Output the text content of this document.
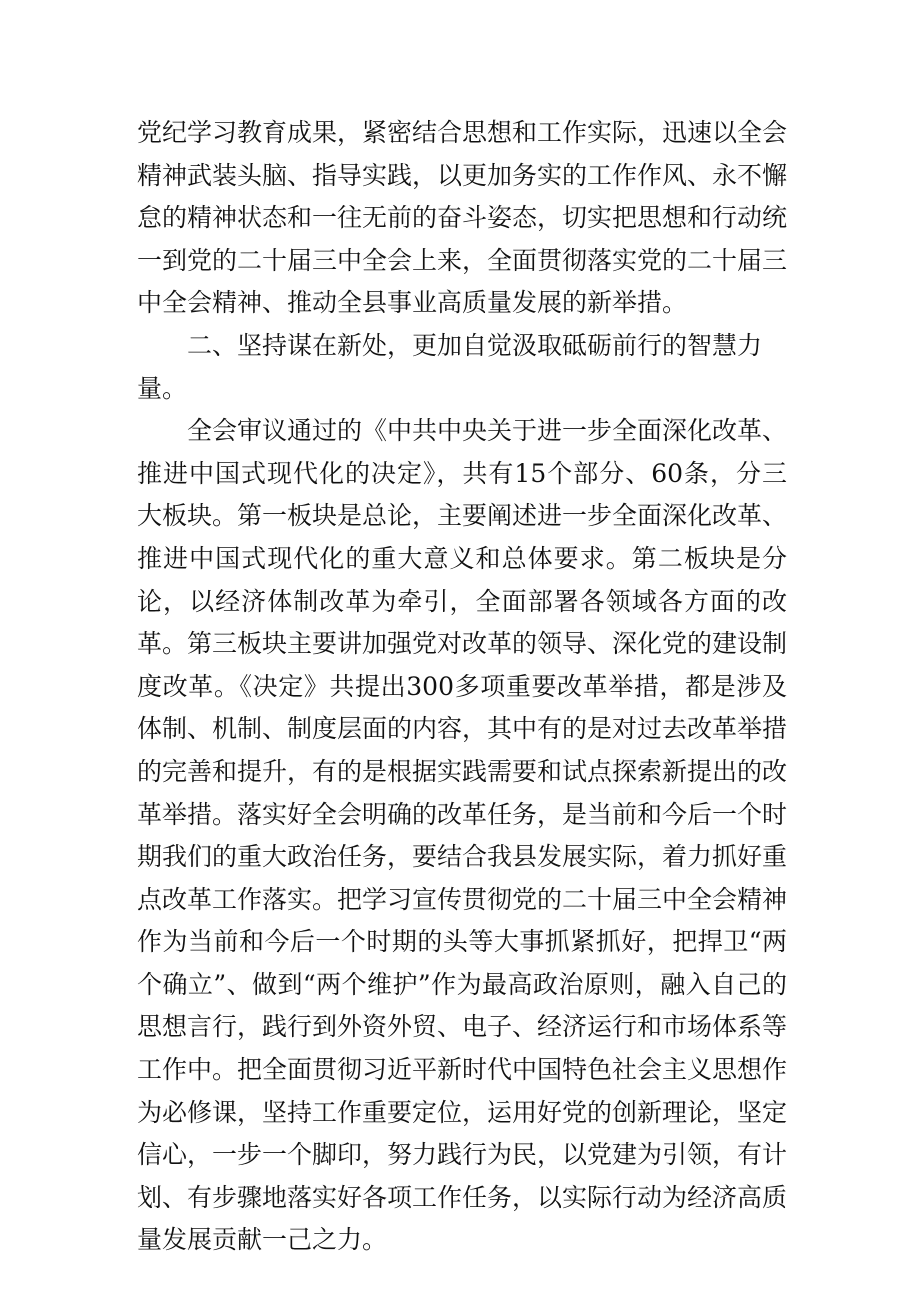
党纪学习教育成果，紧密结合思想和工作实际，迅速以全会精神武装头脑、指导实践，以更加务实的工作作风、永不懈怠的精神状态和一往无前的奋斗姿态，切实把思想和行动统一到党的二十届三中全会上来，全面贯彻落实党的二十届三中全会精神、推动全县事业高质量发展的新举措。

二、坚持谋在新处，更加自觉汲取砥砺前行的智慧力量。

全会审议通过的《中共中央关于进一步全面深化改革、推进中国式现代化的决定》，共有15个部分、60条，分三大板块。第一板块是总论，主要阐述进一步全面深化改革、推进中国式现代化的重大意义和总体要求。第二板块是分论，以经济体制改革为牵引，全面部署各领域各方面的改革。第三板块主要讲加强党对改革的领导、深化党的建设制度改革。《决定》共提出300多项重要改革举措，都是涉及体制、机制、制度层面的内容，其中有的是对过去改革举措的完善和提升，有的是根据实践需要和试点探索新提出的改革举措。落实好全会明确的改革任务，是当前和今后一个时期我们的重大政治任务，要结合我县发展实际，着力抓好重点改革工作落实。把学习宣传贯彻党的二十届三中全会精神作为当前和今后一个时期的头等大事抓紧抓好，把捍卫“两个确立”、做到“两个维护”作为最高政治原则，融入自己的思想言行，践行到外资外贸、电子、经济运行和市场体系等工作中。把全面贯彻习近平新时代中国特色社会主义思想作为必修课，坚持工作重要定位，运用好党的创新理论，坚定信心，一步一个脚印，努力践行为民，以党建为引领，有计划、有步骤地落实好各项工作任务，以实际行动为经济高质量发展贡献一己之力。
